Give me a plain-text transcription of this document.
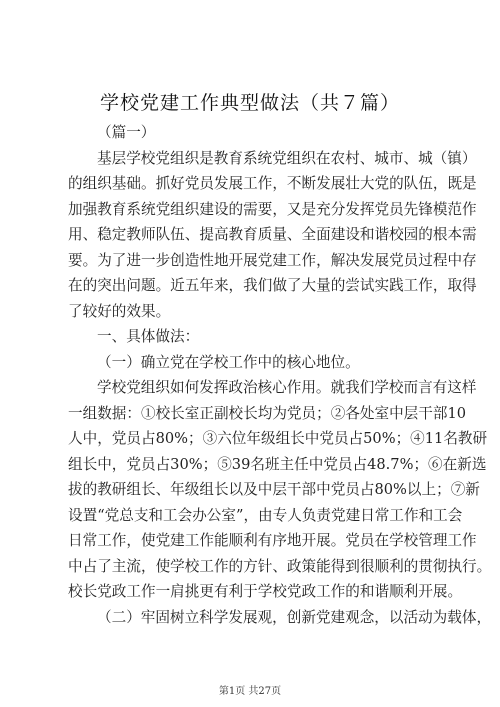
学校党建工作典型做法（共７篇）
（篇一）
基层学校党组织是教育系统党组织在农村、城市、城（镇）
的组织基础。抓好党员发展工作，不断发展壮大党的队伍，既是
加强教育系统党组织建设的需要，又是充分发挥党员先锋模范作
用、稳定教师队伍、提高教育质量、全面建设和谐校园的根本需
要。为了进一步创造性地开展党建工作，解决发展党员过程中存
在的突出问题。近五年来，我们做了大量的尝试实践工作，取得
了较好的效果。
一、具体做法：
（一）确立党在学校工作中的核心地位。
学校党组织如何发挥政治核心作用。就我们学校而言有这样
一组数据：①校长室正副校长均为党员；②各处室中层干部10
人中，党员占80%；③六位年级组长中党员占50%；④11名教研
组长中，党员占30%；⑤39名班主任中党员占48.7%；⑥在新选
拔的教研组长、年级组长以及中层干部中党员占80%以上；⑦新
设置“党总支和工会办公室”，由专人负责党建日常工作和工会
日常工作，使党建工作能顺利有序地开展。党员在学校管理工作
中占了主流，使学校工作的方针、政策能得到很顺利的贯彻执行。
校长党政工作一肩挑更有利于学校党政工作的和谐顺利开展。
（二）牢固树立科学发展观，创新党建观念，以活动为载体，
第1页 共27页
